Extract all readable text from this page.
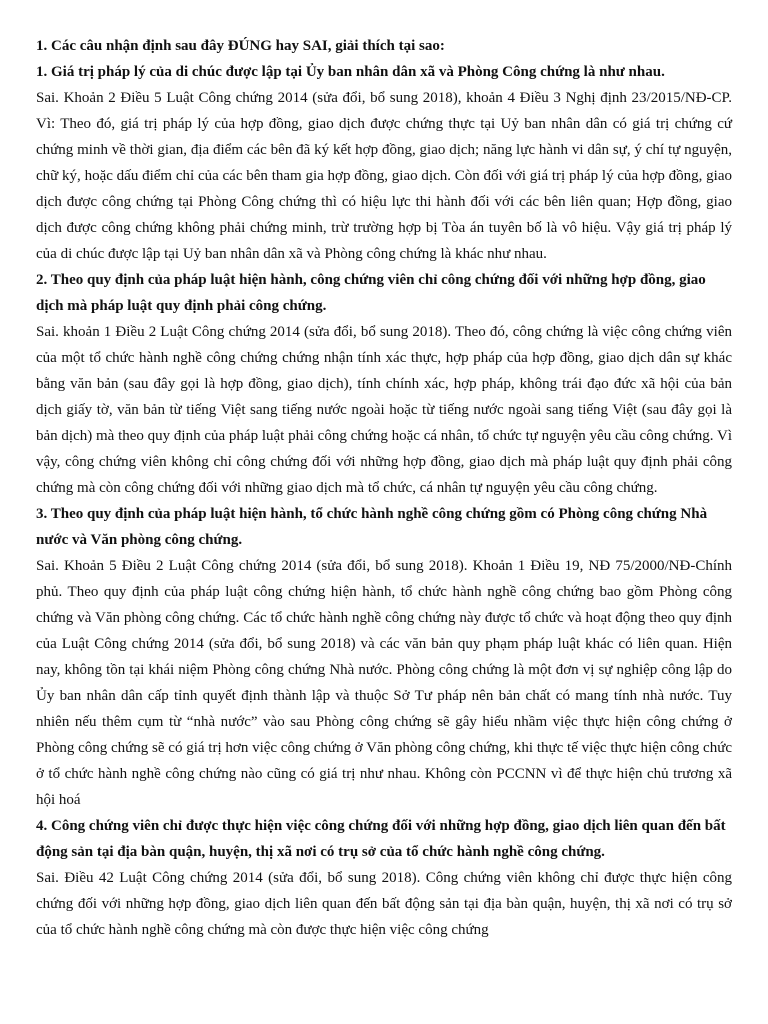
1. Các câu nhận định sau đây ĐÚNG hay SAI, giải thích tại sao:

1. Giá trị pháp lý của di chúc được lập tại Ủy ban nhân dân xã và Phòng Công chứng là như nhau.

Sai. Khoản 2 Điều 5 Luật Công chứng 2014 (sửa đổi, bổ sung 2018), khoản 4 Điều 3 Nghị định 23/2015/NĐ-CP. Vì: Theo đó, giá trị pháp lý của hợp đồng, giao dịch được chứng thực tại Uỷ ban nhân dân có giá trị chứng cứ chứng minh về thời gian, địa điểm các bên đã ký kết hợp đồng, giao dịch; năng lực hành vi dân sự, ý chí tự nguyện, chữ ký, hoặc dấu điểm chỉ của các bên tham gia hợp đồng, giao dịch. Còn đối với giá trị pháp lý của hợp đồng, giao dịch được công chứng tại Phòng Công chứng thì có hiệu lực thi hành đối với các bên liên quan; Hợp đồng, giao dịch được công chứng không phải chứng minh, trừ trường hợp bị Tòa án tuyên bố là vô hiệu. Vậy giá trị pháp lý của di chúc được lập tại Uỷ ban nhân dân xã và Phòng công chứng là khác như nhau.

2. Theo quy định của pháp luật hiện hành, công chứng viên chỉ công chứng đối với những hợp đồng, giao dịch mà pháp luật quy định phải công chứng.

Sai. khoản 1 Điều 2 Luật Công chứng 2014 (sửa đổi, bổ sung 2018). Theo đó, công chứng là việc công chứng viên của một tổ chức hành nghề công chứng chứng nhận tính xác thực, hợp pháp của hợp đồng, giao dịch dân sự khác bằng văn bản (sau đây gọi là hợp đồng, giao dịch), tính chính xác, hợp pháp, không trái đạo đức xã hội của bản dịch giấy tờ, văn bản từ tiếng Việt sang tiếng nước ngoài hoặc từ tiếng nước ngoài sang tiếng Việt (sau đây gọi là bản dịch) mà theo quy định của pháp luật phải công chứng hoặc cá nhân, tổ chức tự nguyện yêu cầu công chứng. Vì vậy, công chứng viên không chỉ công chứng đối với những hợp đồng, giao dịch mà pháp luật quy định phải công chứng mà còn công chứng đối với những giao dịch mà tổ chức, cá nhân tự nguyện yêu cầu công chứng.

3. Theo quy định của pháp luật hiện hành, tổ chức hành nghề công chứng gồm có Phòng công chứng Nhà nước và Văn phòng công chứng.

Sai. Khoản 5 Điều 2 Luật Công chứng 2014 (sửa đổi, bổ sung 2018). Khoản 1 Điều 19, NĐ 75/2000/NĐ-Chính phủ. Theo quy định của pháp luật công chứng hiện hành, tổ chức hành nghề công chứng bao gồm Phòng công chứng và Văn phòng công chứng. Các tổ chức hành nghề công chứng này được tổ chức và hoạt động theo quy định của Luật Công chứng 2014 (sửa đổi, bổ sung 2018) và các văn bản quy phạm pháp luật khác có liên quan. Hiện nay, không tồn tại khái niệm Phòng công chứng Nhà nước. Phòng công chứng là một đơn vị sự nghiệp công lập do Ủy ban nhân dân cấp tỉnh quyết định thành lập và thuộc Sở Tư pháp nên bản chất có mang tính nhà nước. Tuy nhiên nếu thêm cụm từ “nhà nước” vào sau Phòng công chứng sẽ gây hiểu nhầm việc thực hiện công chứng ở Phòng công chứng sẽ có giá trị hơn việc công chứng ở Văn phòng công chứng, khi thực tế việc thực hiện công chức ở tổ chức hành nghề công chứng nào cũng có giá trị như nhau. Không còn PCCNN vì để thực hiện chủ trương xã hội hoá

4. Công chứng viên chỉ được thực hiện việc công chứng đối với những hợp đồng, giao dịch liên quan đến bất động sản tại địa bàn quận, huyện, thị xã nơi có trụ sở của tổ chức hành nghề công chứng.

Sai. Điều 42 Luật Công chứng 2014 (sửa đổi, bổ sung 2018). Công chứng viên không chỉ được thực hiện công chứng đối với những hợp đồng, giao dịch liên quan đến bất động sản tại địa bàn quận, huyện, thị xã nơi có trụ sở của tổ chức hành nghề công chứng mà còn được thực hiện việc công chứng
